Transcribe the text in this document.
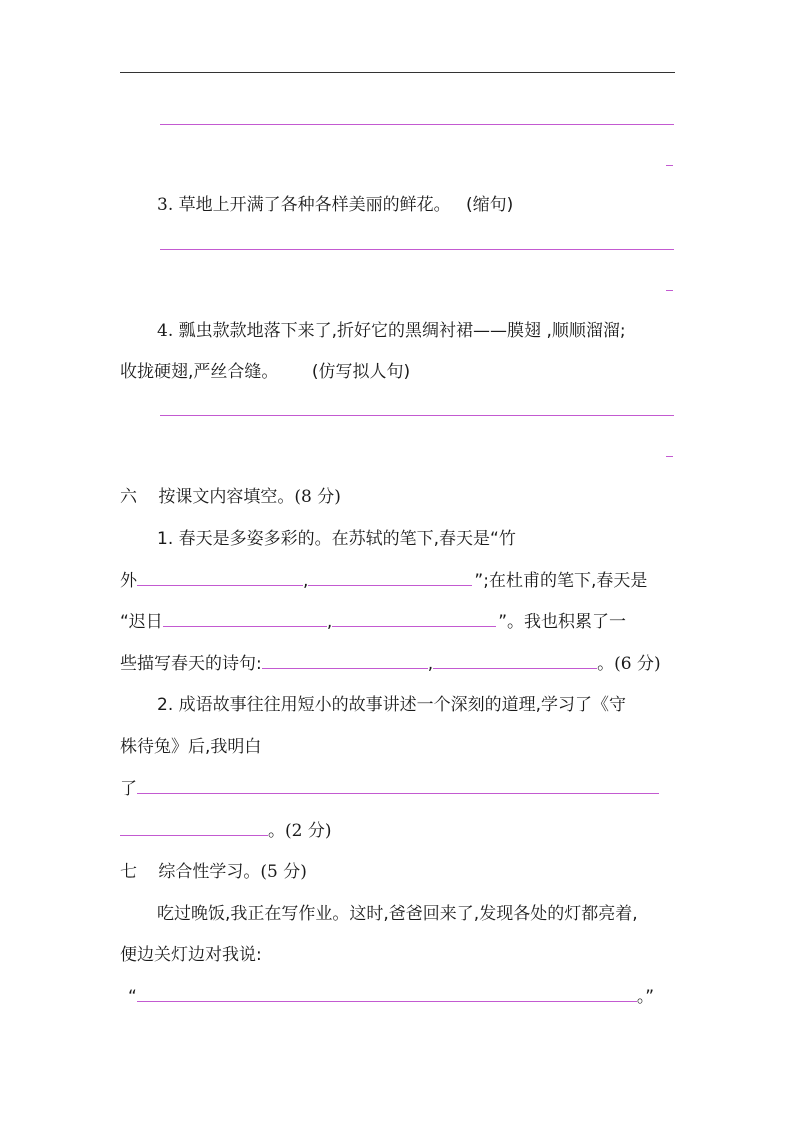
3. 草地上开满了各种各样美丽的鲜花。 (缩句)
4. 瓢虫款款地落下来了,折好它的黑绸衬裙——膜翅 ,顺顺溜溜;
收拢硬翅,严丝合缝。 (仿写拟人句)
六 按课文内容填空。(8 分)
1. 春天是多姿多彩的。在苏轼的笔下,春天是“竹
外	,	”;在杜甫的笔下,春天是
“迟日	,	”。我也积累了一
些描写春天的诗句:	,	。(6 分)
2. 成语故事往往用短小的故事讲述一个深刻的道理,学习了《守
株待兔》后,我明白
了
。(2 分)
七 综合性学习。(5 分)
吃过晚饭,我正在写作业。这时,爸爸回来了,发现各处的灯都亮着,
便边关灯边对我说:
“	。”
